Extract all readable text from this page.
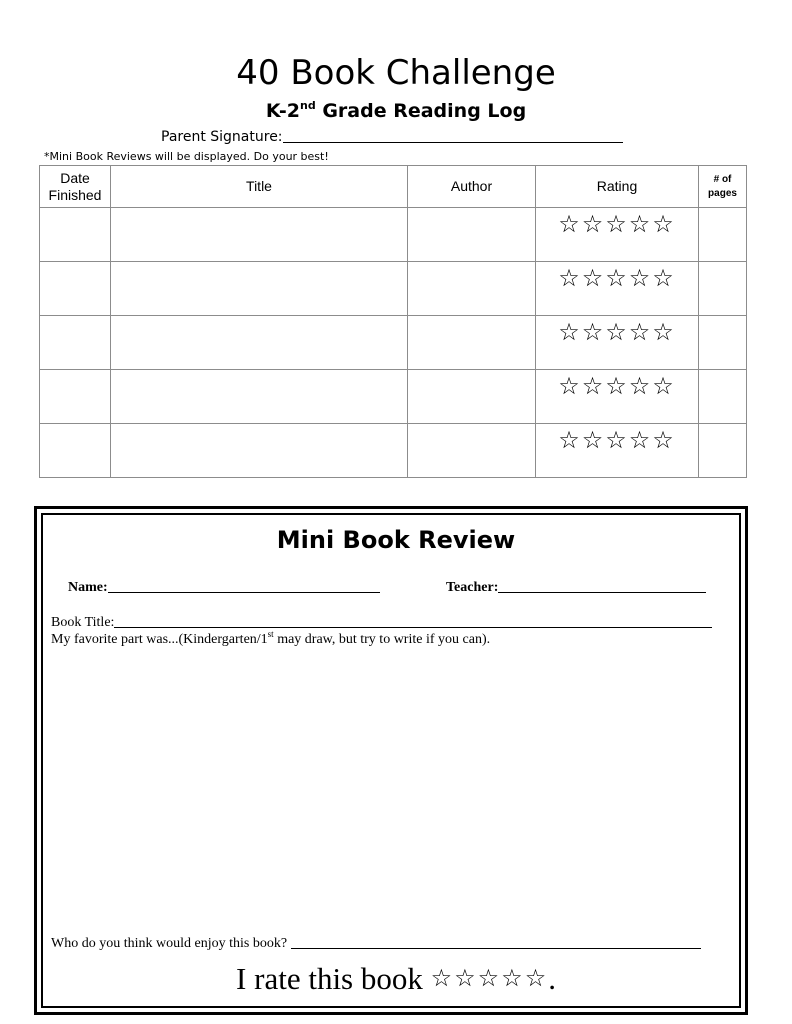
40 Book Challenge
K-2nd Grade Reading Log
Parent Signature:
*Mini Book Reviews will be displayed. Do your best!
Date
Finished	Title	Author	Rating	# of
pages

			☆☆☆☆☆	

			☆☆☆☆☆	

			☆☆☆☆☆	

			☆☆☆☆☆	

			☆☆☆☆☆	

Mini Book Review
Name:	Teacher:
Book Title:
My favorite part was...(Kindergarten/1st may draw, but try to write if you can).
Who do you think would enjoy this book?
I rate this book ☆☆☆☆☆.
